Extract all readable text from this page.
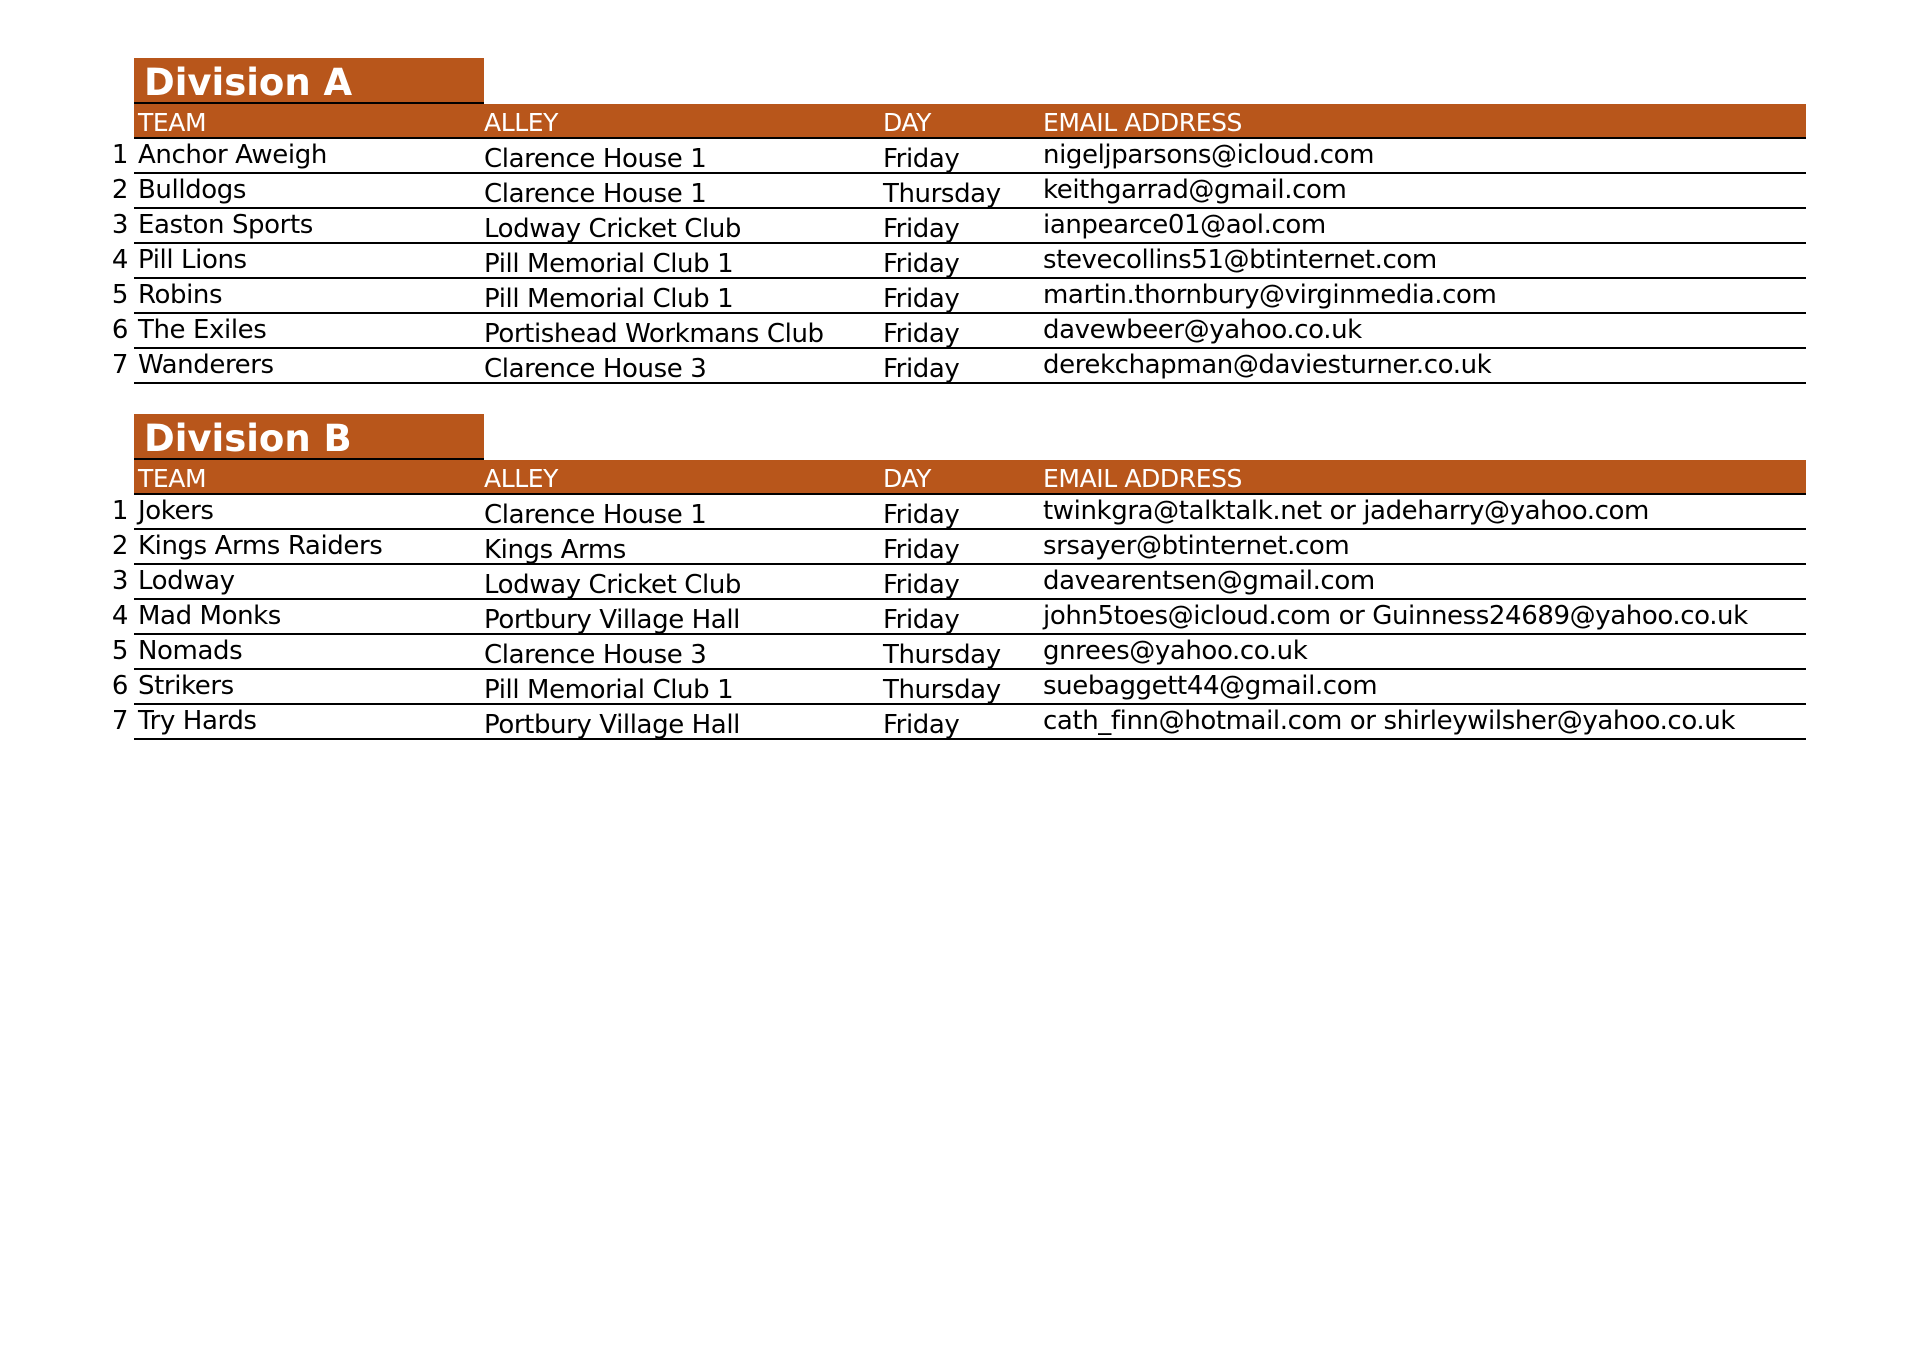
Division A
TEAM	ALLEY	DAY	EMAIL ADDRESS
1 Anchor Aweigh	Clarence House 1	Friday	nigeljparsons@icloud.com
2 Bulldogs	Clarence House 1	Thursday keithgarrad@gmail.com
3 Easton Sports	Lodway Cricket Club	Friday	ianpearce01@aol.com
4 Pill Lions	Pill Memorial Club 1	Friday	stevecollins51@btinternet.com
5 Robins	Pill Memorial Club 1	Friday	martin.thornbury@virginmedia.com
6 The Exiles	Portishead Workmans Club Friday	davewbeer@yahoo.co.uk
7 Wanderers	Clarence House 3	Friday	derekchapman@daviesturner.co.uk
Division B
TEAM	ALLEY	DAY	EMAIL ADDRESS
1 Jokers	Clarence House 1	Friday	twinkgra@talktalk.net or jadeharry@yahoo.com
2 Kings Arms Raiders	Kings Arms	Friday	srsayer@btinternet.com
3 Lodway	Lodway Cricket Club	Friday	davearentsen@gmail.com
4 Mad Monks	Portbury Village Hall	Friday	john5toes@icloud.com or Guinness24689@yahoo.co.uk
5 Nomads	Clarence House 3	Thursday gnrees@yahoo.co.uk
6 Strikers	Pill Memorial Club 1	Thursday suebaggett44@gmail.com
7 Try Hards	Portbury Village Hall	Friday	cath_finn@hotmail.com or shirleywilsher@yahoo.co.uk
